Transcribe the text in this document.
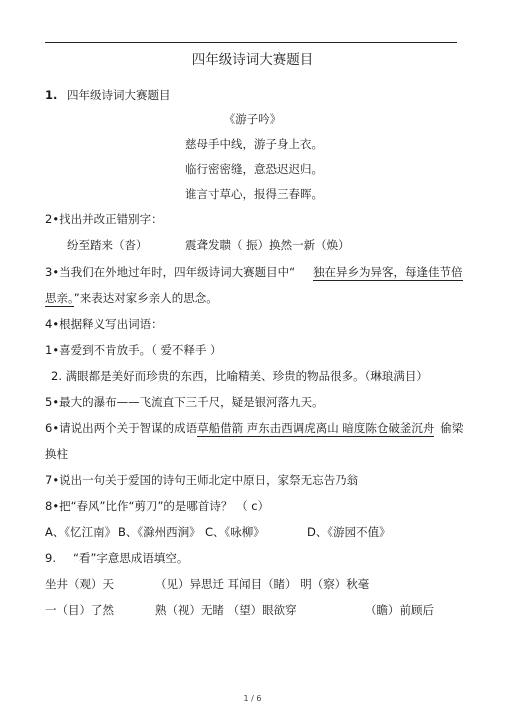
四年级诗词大赛题目
1. 四年级诗词大赛题目
《游子吟》
慈母手中线，游子身上衣。
临行密密缝，意恐迟迟归。
谁言寸草心，报得三春晖。
2•找出并改正错别字：
纷至踏来（沓）	震聋发聩（ 振）换然一新（焕）
3•当我们在外地过年时，四年级诗词大赛题目中“ 独在异乡为异客，每逢佳节倍
思亲。”来表达对家乡亲人的思念。
4•根据释义写出词语：
1•喜爱到不肯放手。（ 爱不释手 ）
2. 满眼都是美好而珍贵的东西，比喻精美、珍贵的物品很多。（琳琅满目）
5•最大的瀑布——飞流直下三千尺，疑是银河落九天。
6•请说出两个关于智谋的成语草船借箭 声东击西调虎离山 暗度陈仓破釜沉舟 偷梁
换柱
7•说出一句关于爱国的诗句王师北定中原日，家祭无忘告乃翁
8•把“春风”比作“剪刀”的是哪首诗？ （ c）
A、《忆江南》 B、《滁州西涧》 C、《咏柳》	D、《游园不值》
9. “看”字意思成语填空。
坐井（观）天	（见）异思迁 耳闻目（睹） 明（察）秋毫
一（目）了然	熟（视）无睹 （望）眼欲穿	（瞻）前顾后
1 / 6
